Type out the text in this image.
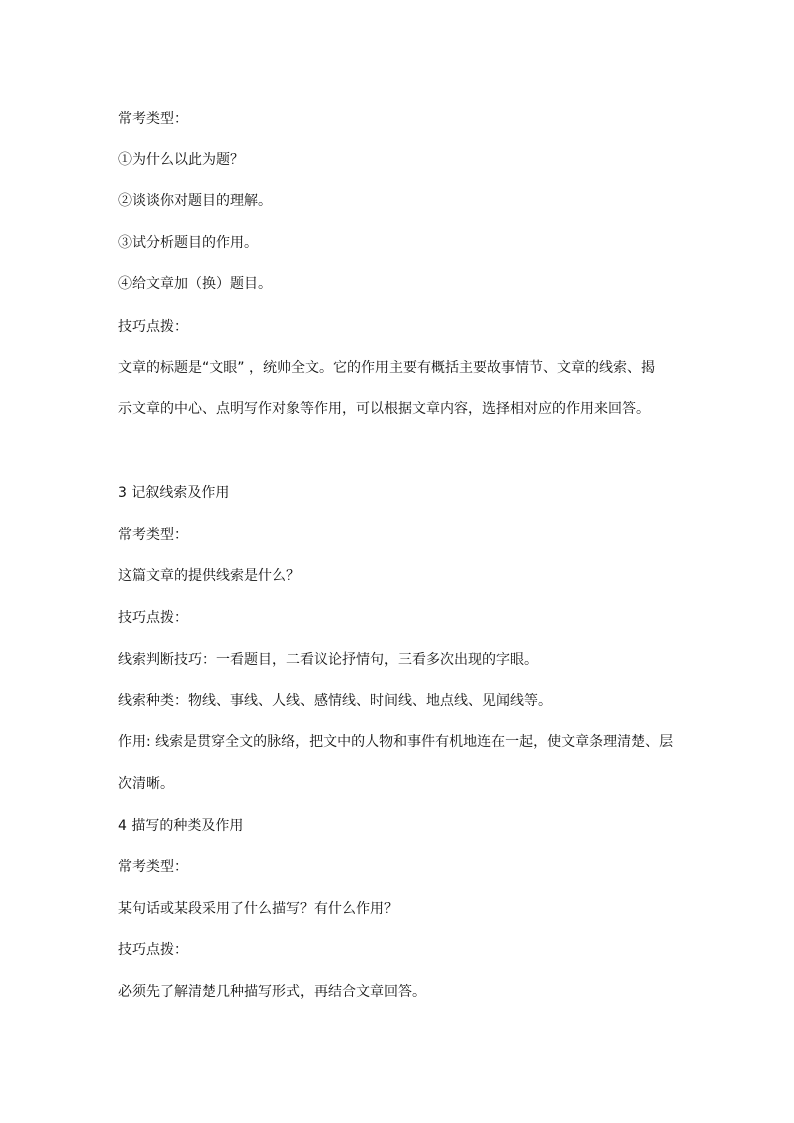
常考类型：
①为什么以此为题？
②谈谈你对题目的理解。
③试分析题目的作用。
④给文章加（换）题目。
技巧点拨：
文章的标题是“文眼” ，统帅全文。它的作用主要有概括主要故事情节、文章的线索、揭
示文章的中心、点明写作对象等作用，可以根据文章内容，选择相对应的作用来回答。
3 记叙线索及作用
常考类型：
这篇文章的提供线索是什么？
技巧点拨：
线索判断技巧：一看题目，二看议论抒情句，三看多次出现的字眼。
线索种类：物线、事线、人线、感情线、时间线、地点线、见闻线等。
作用: 线索是贯穿全文的脉络，把文中的人物和事件有机地连在一起，使文章条理清楚、层
次清晰。
4 描写的种类及作用
常考类型：
某句话或某段采用了什么描写？有什么作用？
技巧点拨：
必须先了解清楚几种描写形式，再结合文章回答。
